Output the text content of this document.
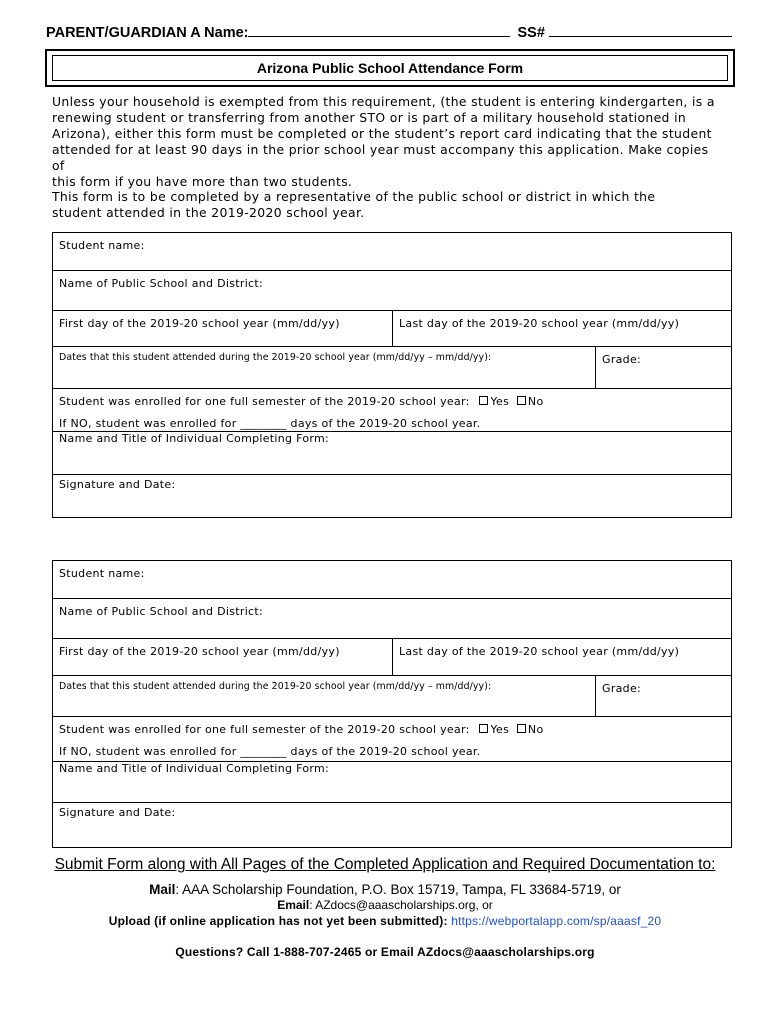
PARENT/GUARDIAN A Name:	SS#
Arizona Public School Attendance Form
Unless your household is exempted from this requirement, (the student is entering kindergarten, is a
renewing student or transferring from another STO or is part of a military household stationed in
Arizona), either this form must be completed or the student’s report card indicating that the student
attended for at least 90 days in the prior school year must accompany this application. Make copies of
this form if you have more than two students.
This form is to be completed by a representative of the public school or district in which the
student attended in the 2019-2020 school year.
Student name:
Name of Public School and District:
First day of the 2019-20 school year (mm/dd/yy)	Last day of the 2019-20 school year (mm/dd/yy)
Dates that this student attended during the 2019-20 school year (mm/dd/yy – mm/dd/yy):	Grade:
Student was enrolled for one full semester of the 2019-20 school year: Yes No
If NO, student was enrolled for ________ days of the 2019-20 school year.
Name and Title of Individual Completing Form:
Signature and Date:
Student name:
Name of Public School and District:
First day of the 2019-20 school year (mm/dd/yy)	Last day of the 2019-20 school year (mm/dd/yy)
Dates that this student attended during the 2019-20 school year (mm/dd/yy – mm/dd/yy):	Grade:
Student was enrolled for one full semester of the 2019-20 school year: Yes No
If NO, student was enrolled for ________ days of the 2019-20 school year.
Name and Title of Individual Completing Form:
Signature and Date:
Submit Form along with All Pages of the Completed Application and Required Documentation to:
Mail: AAA Scholarship Foundation, P.O. Box 15719, Tampa, FL 33684-5719, or
Email: AZdocs@aaascholarships.org, or
Upload (if online application has not yet been submitted): https://webportalapp.com/sp/aaasf_20
Questions? Call 1-888-707-2465 or Email AZdocs@aaascholarships.org
